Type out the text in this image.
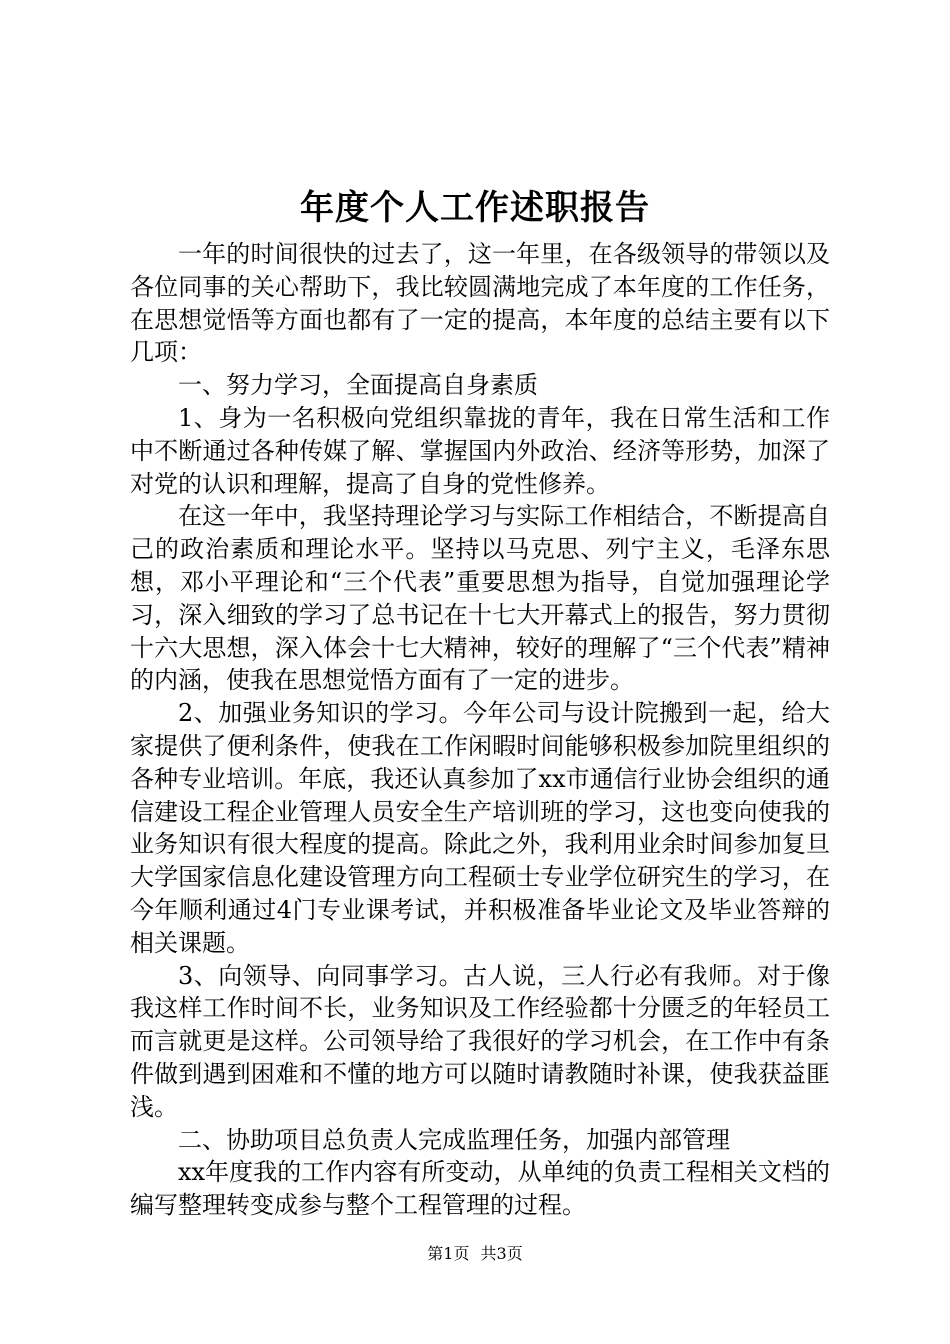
年度个人工作述职报告

一年的时间很快的过去了，这一年里，在各级领导的带领以及各位同事的关心帮助下，我比较圆满地完成了本年度的工作任务，在思想觉悟等方面也都有了一定的提高，本年度的总结主要有以下几项：

一、努力学习，全面提高自身素质

1、身为一名积极向党组织靠拢的青年，我在日常生活和工作中不断通过各种传媒了解、掌握国内外政治、经济等形势，加深了对党的认识和理解，提高了自身的党性修养。

在这一年中，我坚持理论学习与实际工作相结合，不断提高自己的政治素质和理论水平。坚持以马克思、列宁主义，毛泽东思想，邓小平理论和“三个代表”重要思想为指导，自觉加强理论学习，深入细致的学习了总书记在十七大开幕式上的报告，努力贯彻十六大思想，深入体会十七大精神，较好的理解了“三个代表”精神的内涵，使我在思想觉悟方面有了一定的进步。

2、加强业务知识的学习。今年公司与设计院搬到一起，给大家提供了便利条件，使我在工作闲暇时间能够积极参加院里组织的各种专业培训。年底，我还认真参加了xx市通信行业协会组织的通信建设工程企业管理人员安全生产培训班的学习，这也变向使我的业务知识有很大程度的提高。除此之外，我利用业余时间参加复旦大学国家信息化建设管理方向工程硕士专业学位研究生的学习，在今年顺利通过4门专业课考试，并积极准备毕业论文及毕业答辩的相关课题。

3、向领导、向同事学习。古人说，三人行必有我师。对于像我这样工作时间不长，业务知识及工作经验都十分匮乏的年轻员工而言就更是这样。公司领导给了我很好的学习机会，在工作中有条件做到遇到困难和不懂的地方可以随时请教随时补课，使我获益匪浅。

二、协助项目总负责人完成监理任务，加强内部管理

xx年度我的工作内容有所变动，从单纯的负责工程相关文档的编写整理转变成参与整个工程管理的过程。

第1页 共3页
